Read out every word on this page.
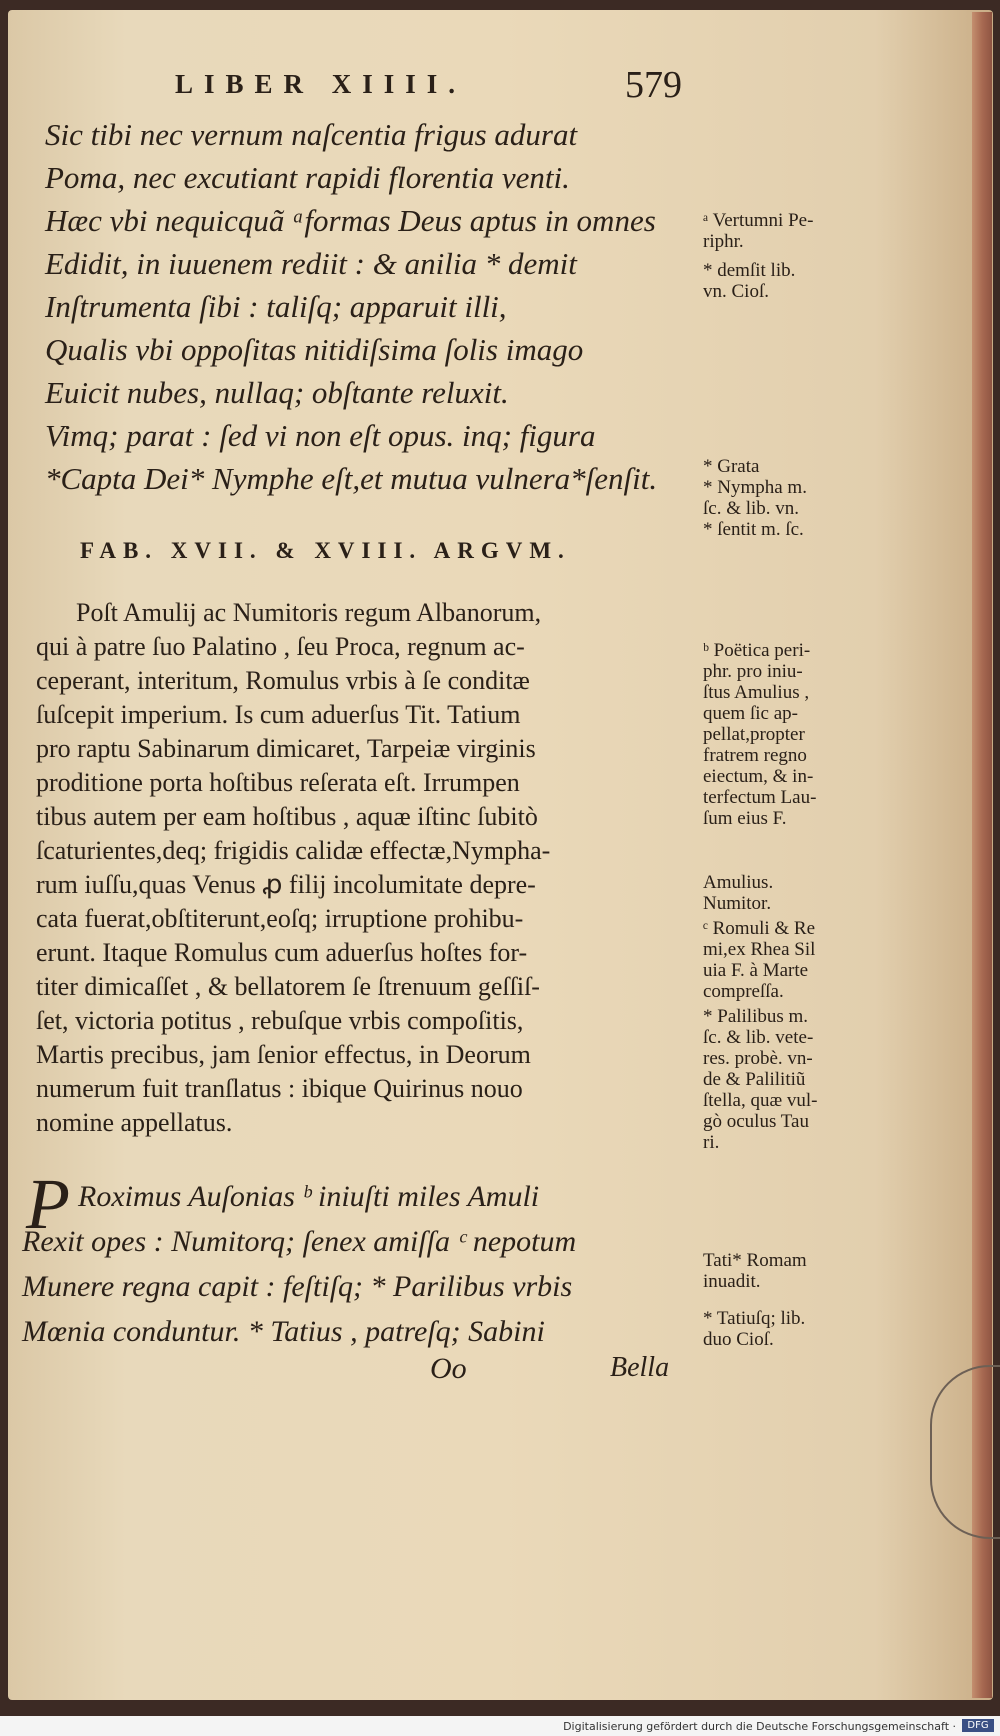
LIBER XIIII.	579
Sic tibi nec vernum naſcentia frigus adurat
Poma, nec excutiant rapidi florentia venti.
Hæc vbi nequicquã ᵃformas Deus aptus in omnes
Edidit, in iuuenem rediit : & anilia * demit
Inſtrumenta ſibi : taliſq; apparuit illi,
Qualis vbi oppoſitas nitidiſsima ſolis imago
Euicit nubes, nullaq; obſtante reluxit.
Vimq; parat : ſed vi non eſt opus. inq; figura
*Capta Dei* Nymphe eſt,et mutua vulnera*ſenſit.
ᵃ Vertumni Pe-
riphr.
* demſit lib.
vn. Cioſ.
* Grata
* Nympha m.
ſc. & lib. vn.
* ſentit m. ſc.
FAB. XVII. & XVIII. ARGVM.
Poſt Amulij ac Numitoris regum Albanorum,
qui à patre ſuo Palatino , ſeu Proca, regnum ac-
ceperant, interitum, Romulus vrbis à ſe conditæ
ſuſcepit imperium. Is cum aduerſus Tit. Tatium
pro raptu Sabinarum dimicaret, Tarpeiæ virginis
proditione porta hoſtibus reſerata eſt. Irrumpen
tibus autem per eam hoſtibus , aquæ iſtinc ſubitò
ſcaturientes,deq; frigidis calidæ effectæ,Nympha-
rum iuſſu,quas Venus ꝓ filij incolumitate depre-
cata fuerat,obſtiterunt,eoſq; irruptione prohibu-
erunt. Itaque Romulus cum aduerſus hoſtes for-
titer dimicaſſet , & bellatorem ſe ſtrenuum geſſiſ-
ſet, victoria potitus , rebuſque vrbis compoſitis,
Martis precibus, jam ſenior effectus, in Deorum
numerum fuit tranſlatus : ibique Quirinus nouo
nomine appellatus.
ᵇ Poëtica peri-
phr. pro iniu-
ſtus Amulius ,
quem ſic ap-
pellat,propter
fratrem regno
eiectum, & in-
terfectum Lau-
ſum eius F.
Amulius.
Numitor.
ᶜ Romuli & Re
mi,ex Rhea Sil
uia F. à Marte
compreſſa.
* Palilibus m.
ſc. & lib. vete-
res. probè. vn-
de & Palilitiũ
ſtella, quæ vul-
gò oculus Tau
ri.
Tati* Romam
inuadit.
* Tatiuſq; lib.
duo Cioſ.
P Roximus Auſonias ᵇ iniuſti miles Amuli
Rexit opes : Numitorq; ſenex amiſſa ᶜ nepotum
Munere regna capit : feſtiſq; * Parilibus vrbis
Mœnia conduntur. * Tatius , patreſq; Sabini
Oo	Bella
Digitalisierung gefördert durch die Deutsche Forschungsgemeinschaft ·	DFG
